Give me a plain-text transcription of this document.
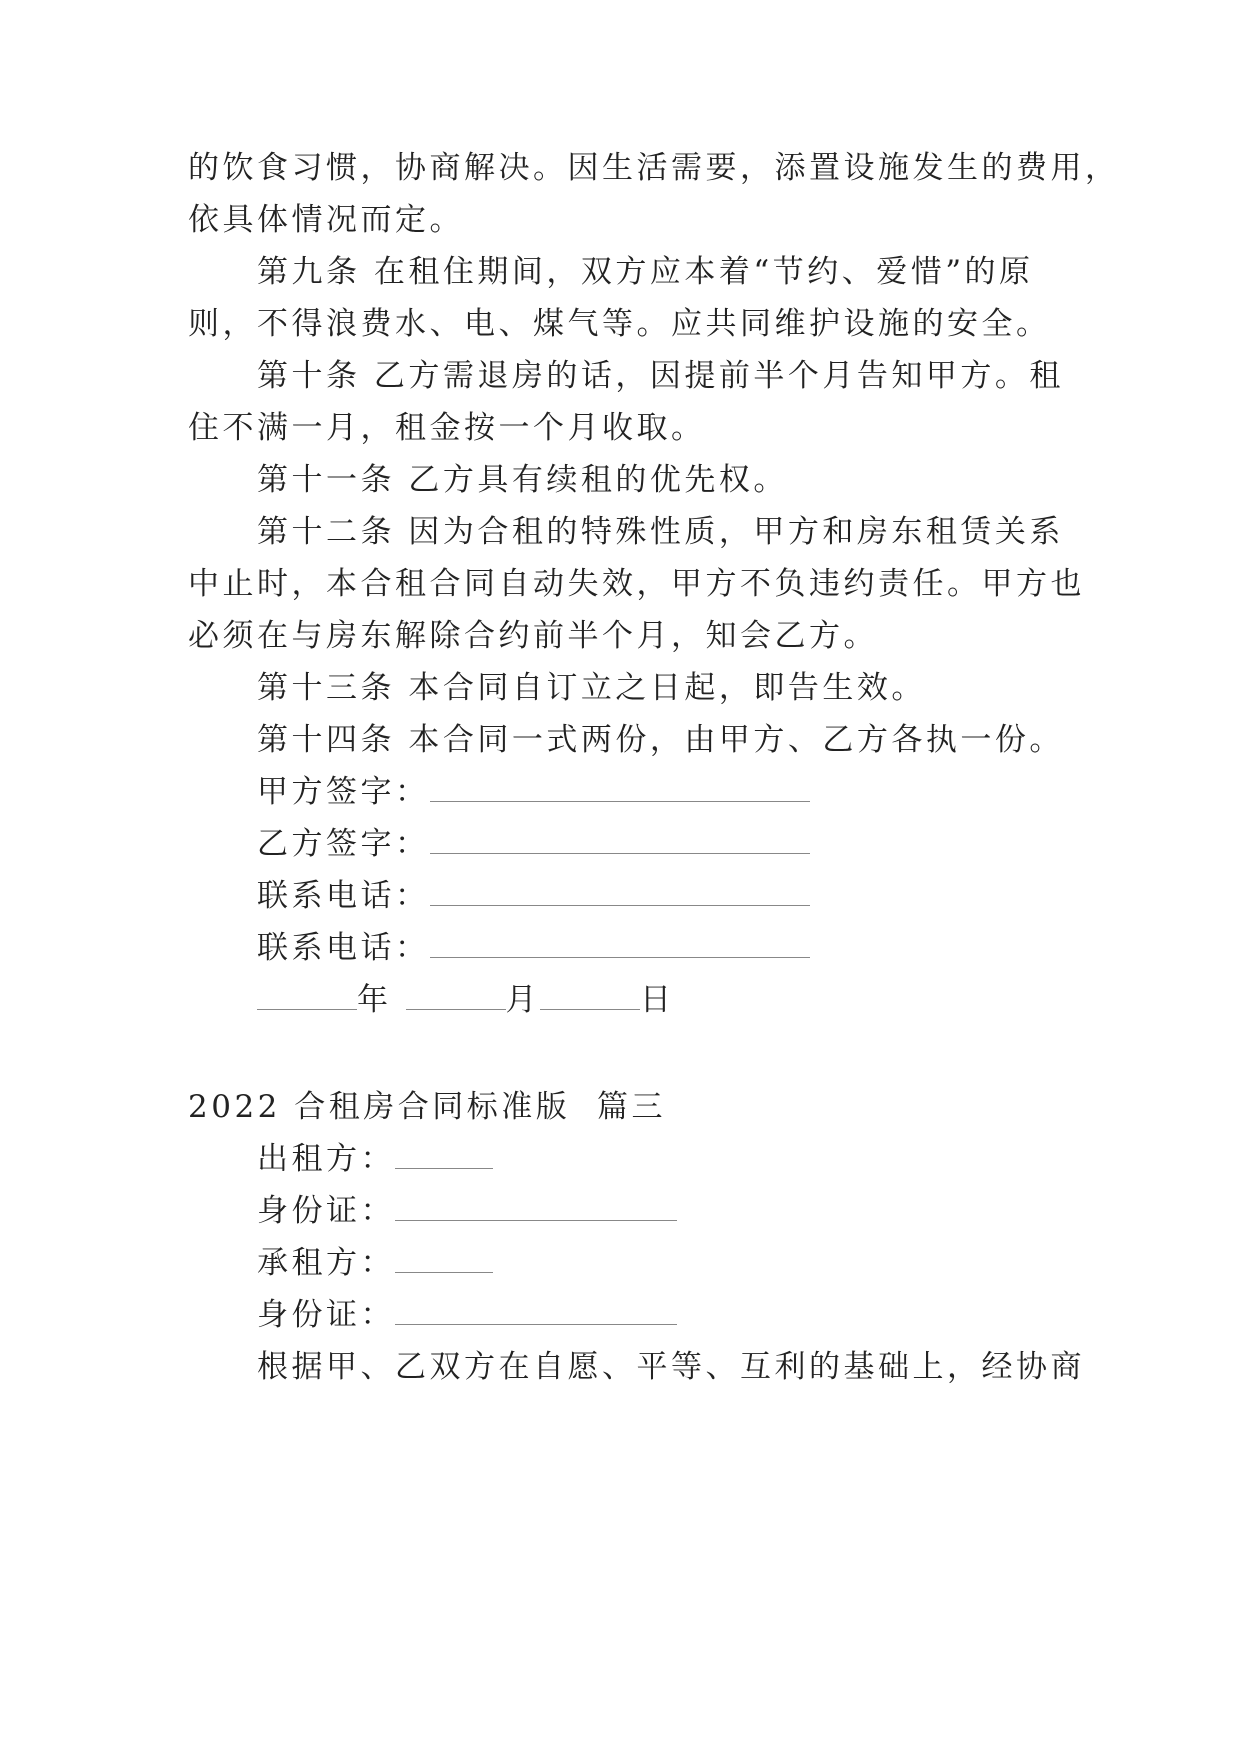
的饮食习惯，协商解决。因生活需要，添置设施发生的费用，
依具体情况而定。
第九条 在租住期间，双方应本着“节约、爱惜”的原
则，不得浪费水、电、煤气等。应共同维护设施的安全。
第十条 乙方需退房的话，因提前半个月告知甲方。租
住不满一月，租金按一个月收取。
第十一条 乙方具有续租的优先权。
第十二条 因为合租的特殊性质，甲方和房东租赁关系
中止时，本合租合同自动失效，甲方不负违约责任。甲方也
必须在与房东解除合约前半个月，知会乙方。
第十三条 本合同自订立之日起，即告生效。
第十四条 本合同一式两份，由甲方、乙方各执一份。
甲方签字：
乙方签字：
联系电话：
联系电话：
年	月	日
2022 合租房合同标准版  篇三
出租方：
身份证：
承租方：
身份证：
根据甲、乙双方在自愿、平等、互利的基础上，经协商
